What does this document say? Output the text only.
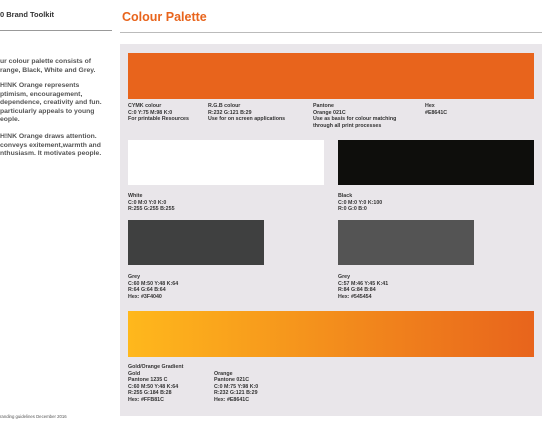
0 Brand Toolkit
ur colour palette consists of
range, Black, White and Grey.
H!NK Orange represents
ptimism, encouragement,
dependence, creativity and fun.
particularly appeals to young
eople.
H!NK Orange draws attention.
conveys exitement,warmth and
nthusiasm. It motivates people.
randing guidelines December 2016
Colour Palette
CYMK colour
C:0 Y:75 M:98 K:0
For printable Resources
R.G.B colour
R:232 G:121 B:29
Use for on screen applications
Pantone
Orange 021C
Use as basis for colour matching
through all print processes
Hex
#E8641C
White
C:0 M:0 Y:0 K:0
R:255 G:255 B:255
Black
C:0 M:0 Y:0 K:100
R:0 G:0 B:0
Grey
C:60 M:50 Y:48 K:64
R:64 G:64 B:64
Hex: #3F4040
Grey
C:57 M:46 Y:45 K:41
R:84 G:84 B:84
Hex: #545454
Gold/Orange Gradient
Gold
Pantone 1235 C
C:60 M:50 Y:48 K:64
R:255 G:184 B:28
Hex: #FFB81C
Orange
Pantone 021C
C:0 M:75 Y:98 K:0
R:232 G:121 B:29
Hex: #E8641C
